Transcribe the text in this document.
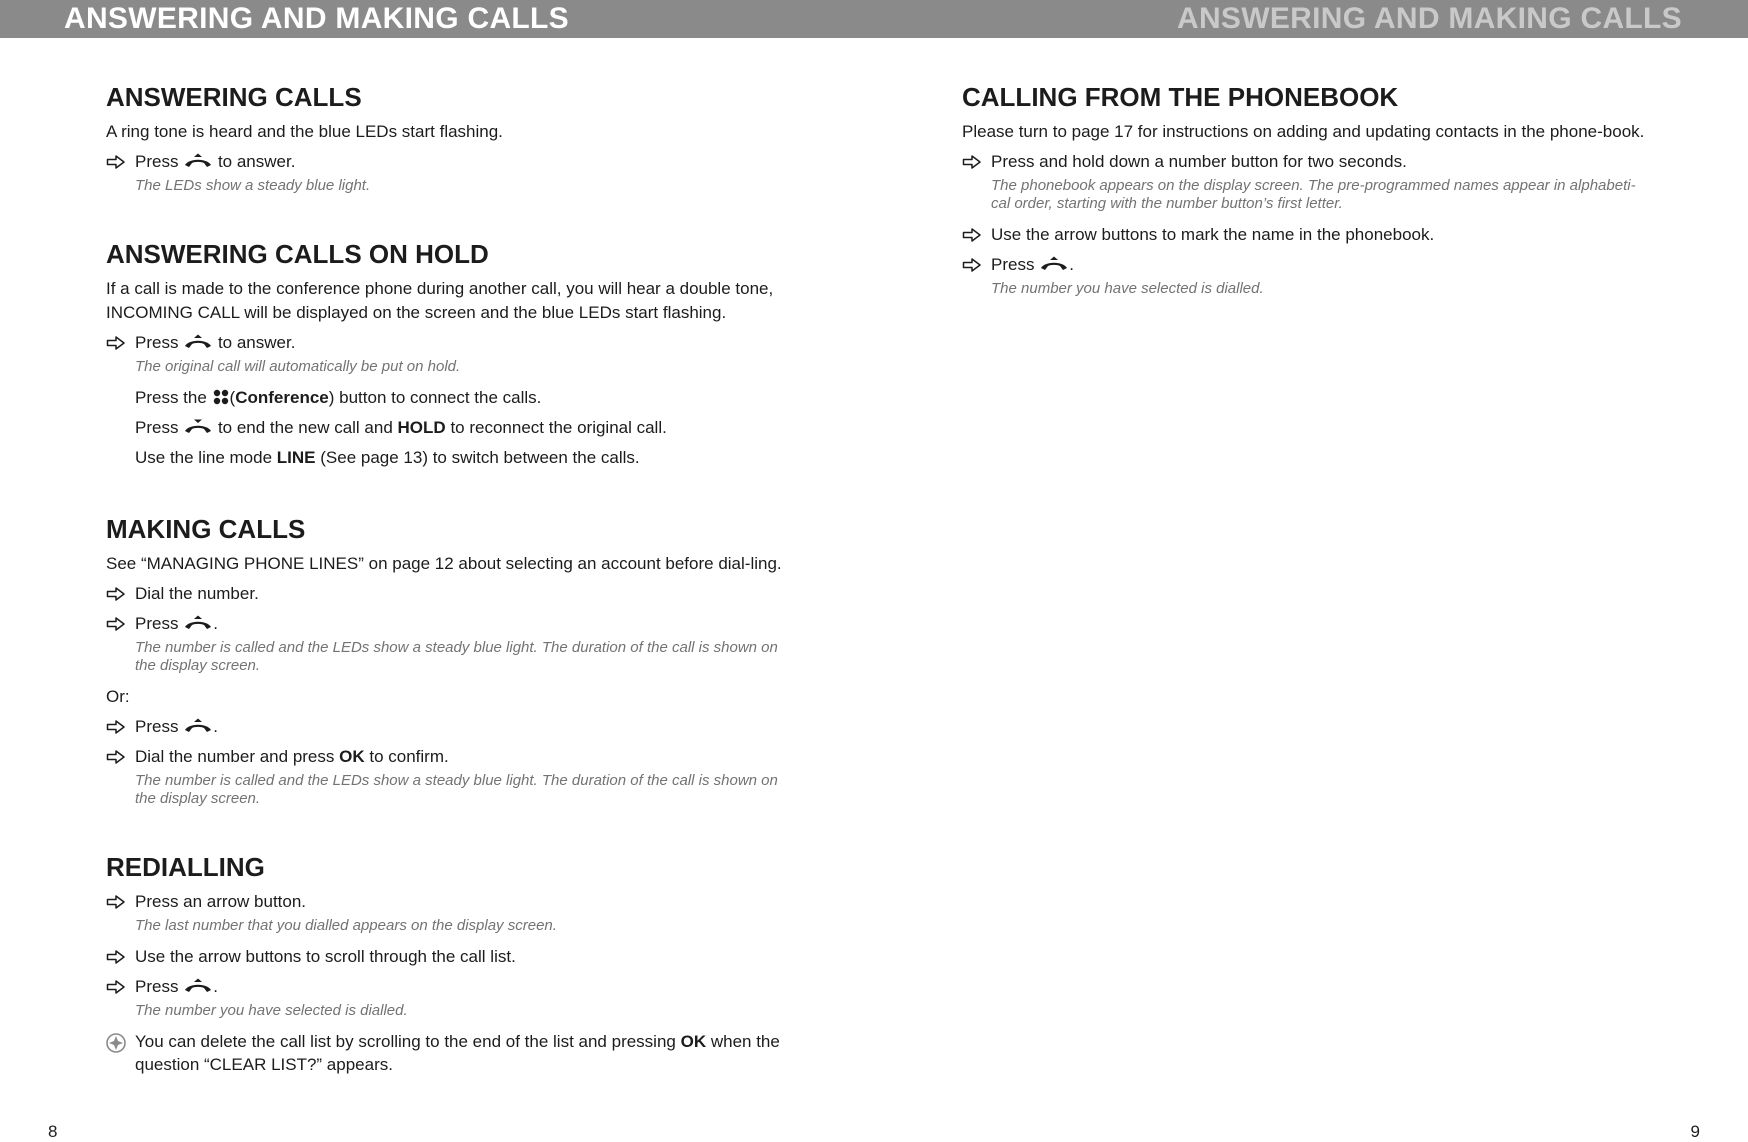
ANSWERING AND MAKING CALLS	ANSWERING AND MAKING CALLS
ANSWERING CALLS

A ring tone is heard and the blue LEDs start flashing.

Press to answer.
The LEDs show a steady blue light.
ANSWERING CALLS ON HOLD

If a call is made to the conference phone during another call, you will hear a double tone, INCOMING CALL will be displayed on the screen and the blue LEDs start flashing.

Press to answer.
The original call will automatically be put on hold.
Press the (Conference) button to connect the calls.
Press to end the new call and HOLD to reconnect the original call.
Use the line mode LINE (See page 13) to switch between the calls.
MAKING CALLS

See “MANAGING PHONE LINES” on page 12 about selecting an account before dial-ling.

Dial the number.
Press .
The number is called and the LEDs show a steady blue light. The duration of the call is shown on the display screen.

Or:

Press .
Dial the number and press OK to confirm.
The number is called and the LEDs show a steady blue light. The duration of the call is shown on the display screen.
REDIALLING
Press an arrow button.
The last number that you dialled appears on the display screen.
Use the arrow buttons to scroll through the call list.
Press .
The number you have selected is dialled.
You can delete the call list by scrolling to the end of the list and pressing OK when the question “CLEAR LIST?” appears.
CALLING FROM THE PHONEBOOK

Please turn to page 17 for instructions on adding and updating contacts in the phone-book.

Press and hold down a number button for two seconds.
The phonebook appears on the display screen. The pre-programmed names appear in alphabeti-cal order, starting with the number button’s first letter.
Use the arrow buttons to mark the name in the phonebook.
Press .
The number you have selected is dialled.
8	9
